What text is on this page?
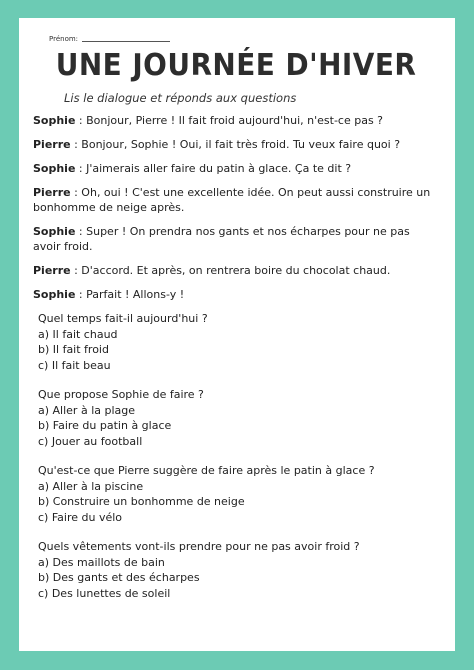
Prénom:
UNE JOURNÉE D'HIVER
Lis le dialogue et réponds aux questions
Sophie : Bonjour, Pierre ! Il fait froid aujourd'hui, n'est-ce pas ?
Pierre : Bonjour, Sophie ! Oui, il fait très froid. Tu veux faire quoi ?
Sophie : J'aimerais aller faire du patin à glace. Ça te dit ?
Pierre : Oh, oui ! C'est une excellente idée. On peut aussi construire un bonhomme de neige après.
Sophie : Super ! On prendra nos gants et nos écharpes pour ne pas avoir froid.
Pierre : D'accord. Et après, on rentrera boire du chocolat chaud.
Sophie : Parfait ! Allons-y !
Quel temps fait-il aujourd'hui ?
a) Il fait chaud
b) Il fait froid
c) Il fait beau
Que propose Sophie de faire ?
a) Aller à la plage
b) Faire du patin à glace
c) Jouer au football
Qu'est-ce que Pierre suggère de faire après le patin à glace ?
a) Aller à la piscine
b) Construire un bonhomme de neige
c) Faire du vélo
Quels vêtements vont-ils prendre pour ne pas avoir froid ?
a) Des maillots de bain
b) Des gants et des écharpes
c) Des lunettes de soleil
